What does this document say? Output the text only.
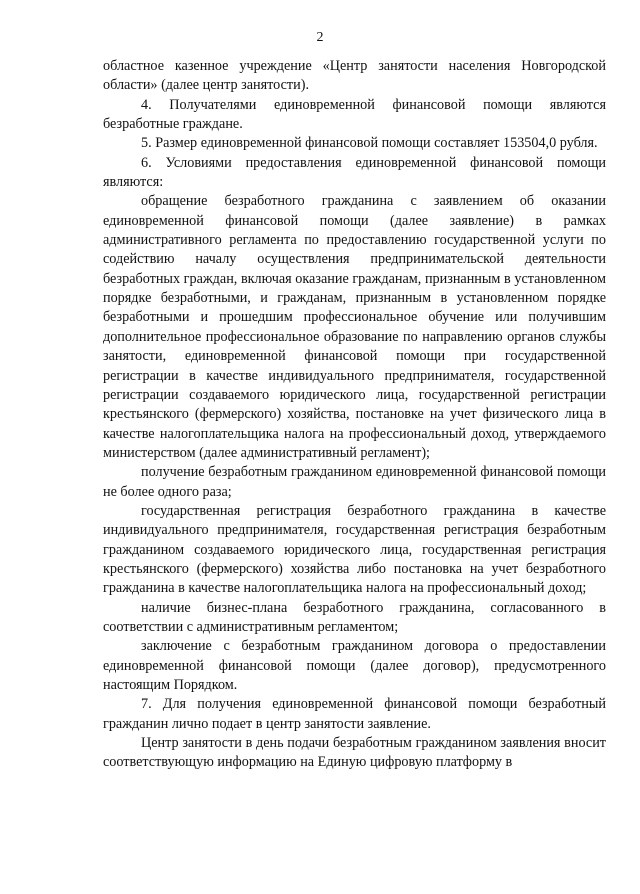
2

областное казенное учреждение «Центр занятости населения Новгородской области» (далее центр занятости).

4. Получателями единовременной финансовой помощи являются безработные граждане.

5. Размер единовременной финансовой помощи составляет 153504,0 рубля.

6. Условиями предоставления единовременной финансовой помощи являются:

обращение безработного гражданина с заявлением об оказании единовременной финансовой помощи (далее заявление) в рамках административного регламента по предоставлению государственной услуги по содействию началу осуществления предпринимательской деятельности безработных граждан, включая оказание гражданам, признанным в установленном порядке безработными, и гражданам, признанным в установленном порядке безработными и прошедшим профессиональное обучение или получившим дополнительное профессиональное образование по направлению органов службы занятости, единовременной финансовой помощи при государственной регистрации в качестве индивидуального предпринимателя, государственной регистрации создаваемого юридического лица, государственной регистрации крестьянского (фермерского) хозяйства, постановке на учет физического лица в качестве налогоплательщика налога на профессиональный доход, утверждаемого министерством (далее административный регламент);

получение безработным гражданином единовременной финансовой помощи не более одного раза;

государственная регистрация безработного гражданина в качестве индивидуального предпринимателя, государственная регистрация безработным гражданином создаваемого юридического лица, государственная регистрация крестьянского (фермерского) хозяйства либо постановка на учет безработного гражданина в качестве налогоплательщика налога на профессиональный доход;

наличие бизнес-плана безработного гражданина, согласованного в соответствии с административным регламентом;

заключение с безработным гражданином договора о предоставлении единовременной финансовой помощи (далее договор), предусмотренного настоящим Порядком.

7. Для получения единовременной финансовой помощи безработный гражданин лично подает в центр занятости заявление.

Центр занятости в день подачи безработным гражданином заявления вносит соответствующую информацию на Единую цифровую платформу в
